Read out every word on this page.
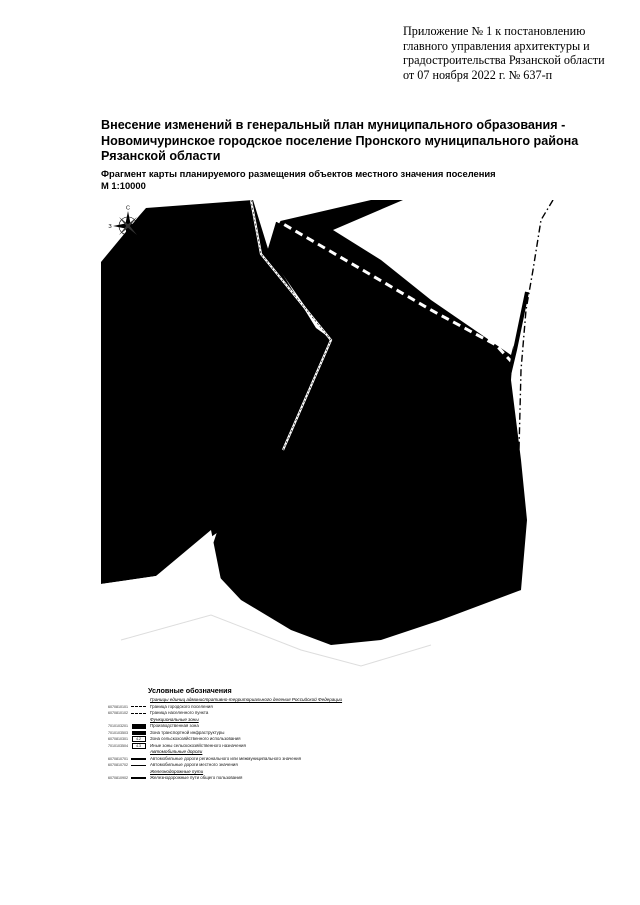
Приложение № 1 к постановлению
главного управления архитектуры и
градостроительства Рязанской области
от 07 ноября 2022 г. № 637-п
Внесение изменений в генеральный план муниципального образования -
Новомичуринское городское поселение Пронского муниципального района
Рязанской области
Фрагмент карты планируемого размещения объектов местного значения поселения
М 1:10000
С
Ю
З	В
Условные обозначения
Границы единиц административно-территориального деления Российской Федерации
6070810101	Граница городского поселения
6070810102	Граница населенного пункта
Функциональные зоны
7010103201	Производственная зона
7010103503	Зона транспортной инфраструктуры
6070810301	4.2	Зона сельскохозяйственного использования
7010103504	4.3	Иные зоны сельскохозяйственного назначения
Автомобильные дороги
6070810701	Автомобильные дороги регионального или межмуниципального значения
6070810702	Автомобильные дороги местного значения
Железнодорожные пути
6070810902	Железнодорожные пути общего пользования
